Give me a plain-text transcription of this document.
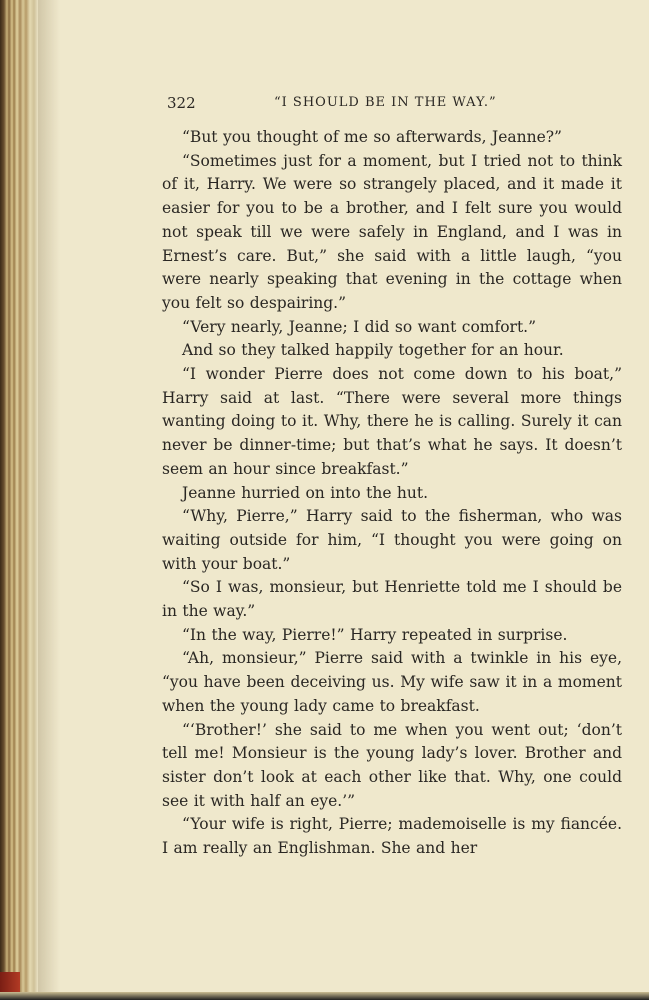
322	“I SHOULD BE IN THE WAY.”

“But you thought of me so afterwards, Jeanne?”

“Sometimes just for a moment, but I tried not to think of it, Harry. We were so strangely placed, and it made it easier for you to be a brother, and I felt sure you would not speak till we were safely in England, and I was in Ernest’s care. But,” she said with a little laugh, “you were nearly speaking that evening in the cottage when you felt so despairing.”

“Very nearly, Jeanne; I did so want comfort.”

And so they talked happily together for an hour.

“I wonder Pierre does not come down to his boat,” Harry said at last. “There were several more things wanting doing to it. Why, there he is calling. Surely it can never be dinner-time; but that’s what he says. It doesn’t seem an hour since breakfast.”

Jeanne hurried on into the hut.

“Why, Pierre,” Harry said to the fisherman, who was waiting outside for him, “I thought you were going on with your boat.”

“So I was, monsieur, but Henriette told me I should be in the way.”

“In the way, Pierre!” Harry repeated in surprise.

“Ah, monsieur,” Pierre said with a twinkle in his eye, “you have been deceiving us. My wife saw it in a moment when the young lady came to breakfast.

“‘Brother!’ she said to me when you went out; ‘don’t tell me! Monsieur is the young lady’s lover. Brother and sister don’t look at each other like that. Why, one could see it with half an eye.’”

“Your wife is right, Pierre; mademoiselle is my fiancée. I am really an Englishman. She and her
